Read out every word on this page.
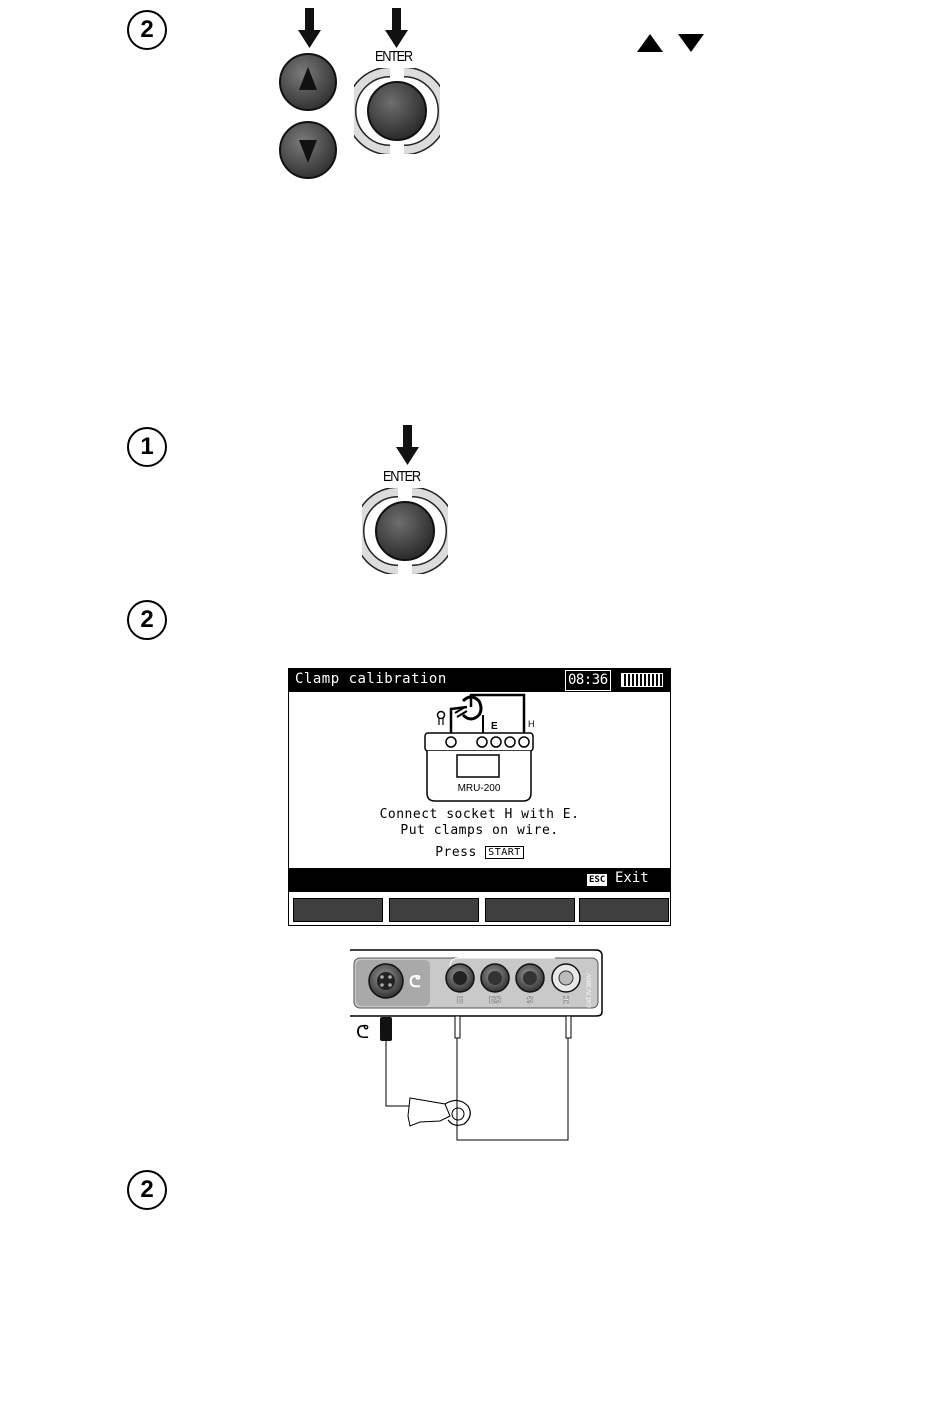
2
1
2
2
ENTER
ENTER
Clamp calibration	08:36
E	H
MRU-200
Connect socket H with E.
Put clamps on wire.
Press START
ESC Exit
ᕦ
E	ES	S	H	CAT IV 300V
ᕦ
